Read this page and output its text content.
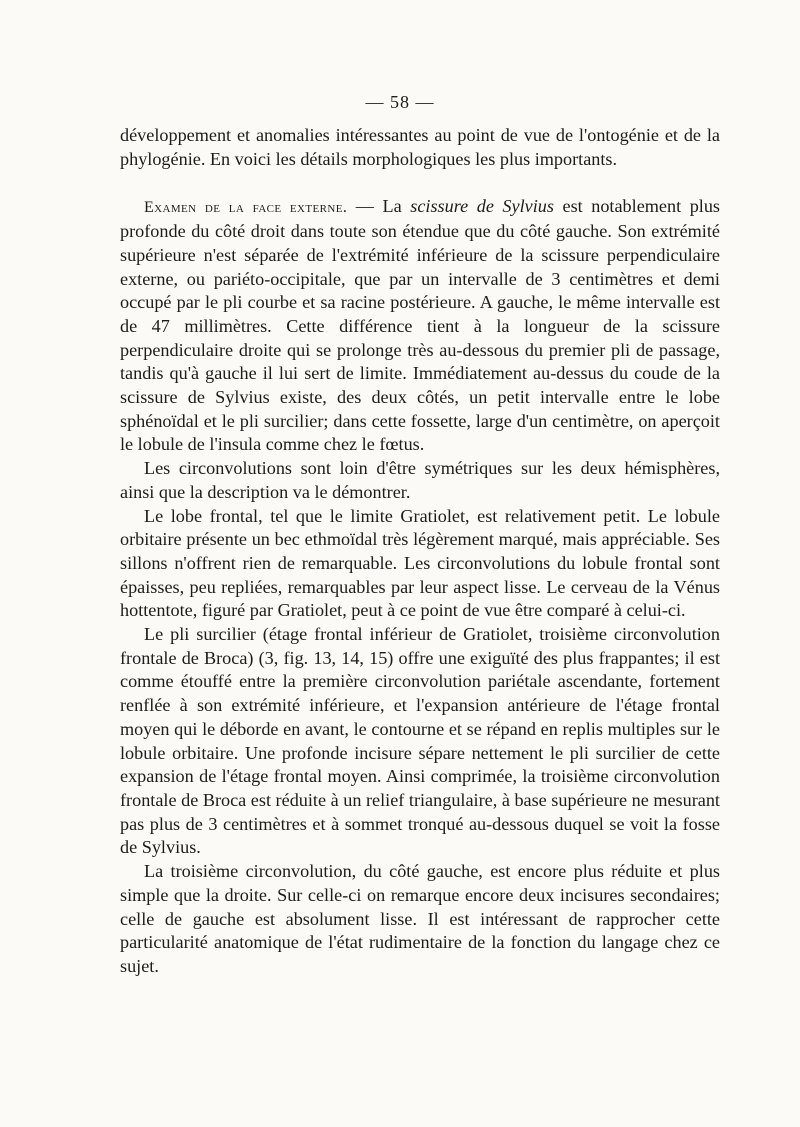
— 58 —

développement et anomalies intéressantes au point de vue de l'ontogénie et de la phylogénie. En voici les détails morphologiques les plus importants.

Examen de la face externe. — La scissure de Sylvius est notablement plus profonde du côté droit dans toute son étendue que du côté gauche. Son extrémité supérieure n'est séparée de l'extrémité inférieure de la scissure perpendiculaire externe, ou pariéto-occipitale, que par un intervalle de 3 centimètres et demi occupé par le pli courbe et sa racine postérieure. A gauche, le même intervalle est de 47 millimètres. Cette différence tient à la longueur de la scissure perpendiculaire droite qui se prolonge très au-dessous du premier pli de passage, tandis qu'à gauche il lui sert de limite. Immédiatement au-dessus du coude de la scissure de Sylvius existe, des deux côtés, un petit intervalle entre le lobe sphénoïdal et le pli surcilier; dans cette fossette, large d'un centimètre, on aperçoit le lobule de l'insula comme chez le fœtus.

Les circonvolutions sont loin d'être symétriques sur les deux hémisphères, ainsi que la description va le démontrer.

Le lobe frontal, tel que le limite Gratiolet, est relativement petit. Le lobule orbitaire présente un bec ethmoïdal très légèrement marqué, mais appréciable. Ses sillons n'offrent rien de remarquable. Les circonvolutions du lobule frontal sont épaisses, peu repliées, remarquables par leur aspect lisse. Le cerveau de la Vénus hottentote, figuré par Gratiolet, peut à ce point de vue être comparé à celui-ci.

Le pli surcilier (étage frontal inférieur de Gratiolet, troisième circonvolution frontale de Broca) (3, fig. 13, 14, 15) offre une exiguïté des plus frappantes; il est comme étouffé entre la première circonvolution pariétale ascendante, fortement renflée à son extrémité inférieure, et l'expansion antérieure de l'étage frontal moyen qui le déborde en avant, le contourne et se répand en replis multiples sur le lobule orbitaire. Une profonde incisure sépare nettement le pli surcilier de cette expansion de l'étage frontal moyen. Ainsi comprimée, la troisième circonvolution frontale de Broca est réduite à un relief triangulaire, à base supérieure ne mesurant pas plus de 3 centimètres et à sommet tronqué au-dessous duquel se voit la fosse de Sylvius.

La troisième circonvolution, du côté gauche, est encore plus réduite et plus simple que la droite. Sur celle-ci on remarque encore deux incisures secondaires; celle de gauche est absolument lisse. Il est intéressant de rapprocher cette particularité anatomique de l'état rudimentaire de la fonction du langage chez ce sujet.
